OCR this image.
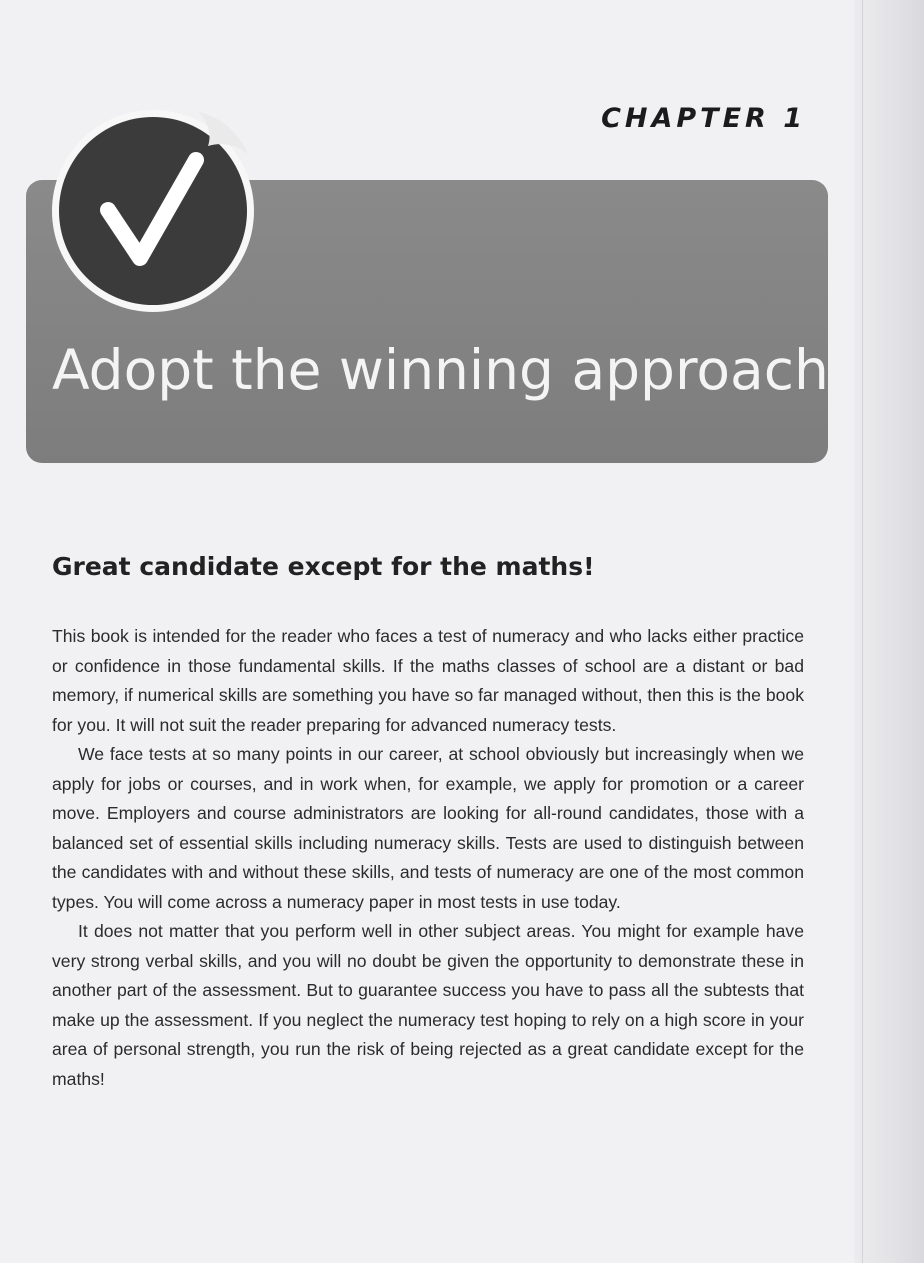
CHAPTER 1
Adopt the winning approach
Great candidate except for the maths!

This book is intended for the reader who faces a test of numeracy and who lacks either practice or confidence in those fundamental skills. If the maths classes of school are a distant or bad memory, if numerical skills are something you have so far managed without, then this is the book for you. It will not suit the reader preparing for advanced numeracy tests.

We face tests at so many points in our career, at school obviously but increasingly when we apply for jobs or courses, and in work when, for example, we apply for promotion or a career move. Employers and course administrators are looking for all-round candidates, those with a balanced set of essential skills including numeracy skills. Tests are used to distinguish between the candidates with and without these skills, and tests of numeracy are one of the most common types. You will come across a numeracy paper in most tests in use today.

It does not matter that you perform well in other subject areas. You might for example have very strong verbal skills, and you will no doubt be given the opportunity to demonstrate these in another part of the assessment. But to guarantee success you have to pass all the subtests that make up the assessment. If you neglect the numeracy test hoping to rely on a high score in your area of personal strength, you run the risk of being rejected as a great candidate except for the maths!
